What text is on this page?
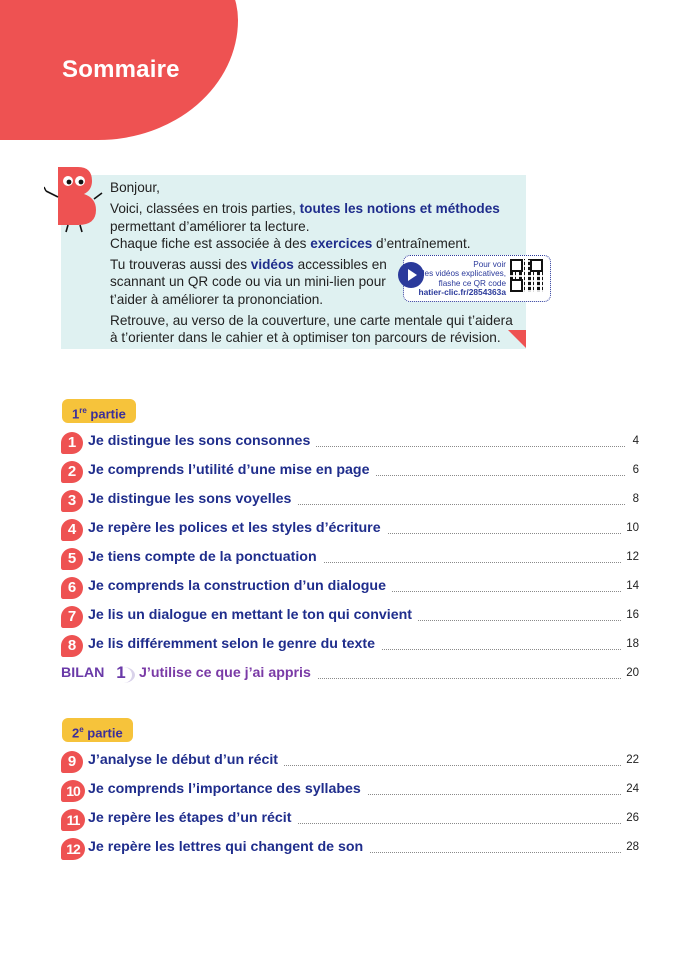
Sommaire

Bonjour,

Voici, classées en trois parties, toutes les notions et méthodes
permettant d’améliorer ta lecture.

Chaque fiche est associée à des exercices d’entraînement.

Tu trouveras aussi des vidéos accessibles en
scannant un QR code ou via un mini-lien pour
t’aider à améliorer ta prononciation.

Retrouve, au verso de la couverture, une carte mentale qui t’aidera
à t’orienter dans le cahier et à optimiser ton parcours de révision.

Pour voir
les vidéos explicatives,
flashe ce QR code
hatier-clic.fr/2854363a
1re partie
1 Je distingue les sons consonnes	4
2 Je comprends l’utilité d’une mise en page	6
3 Je distingue les sons voyelles	8
4 Je repère les polices et les styles d’écriture	10
5 Je tiens compte de la ponctuation	12
6 Je comprends la construction d’un dialogue	14
7 Je lis un dialogue en mettant le ton qui convient	16
8 Je lis différemment selon le genre du texte	18
BILAN 1 J’utilise ce que j’ai appris	20
2e partie
9 J’analyse le début d’un récit	22
10 Je comprends l’importance des syllabes	24
11 Je repère les étapes d’un récit	26
12 Je repère les lettres qui changent de son	28
